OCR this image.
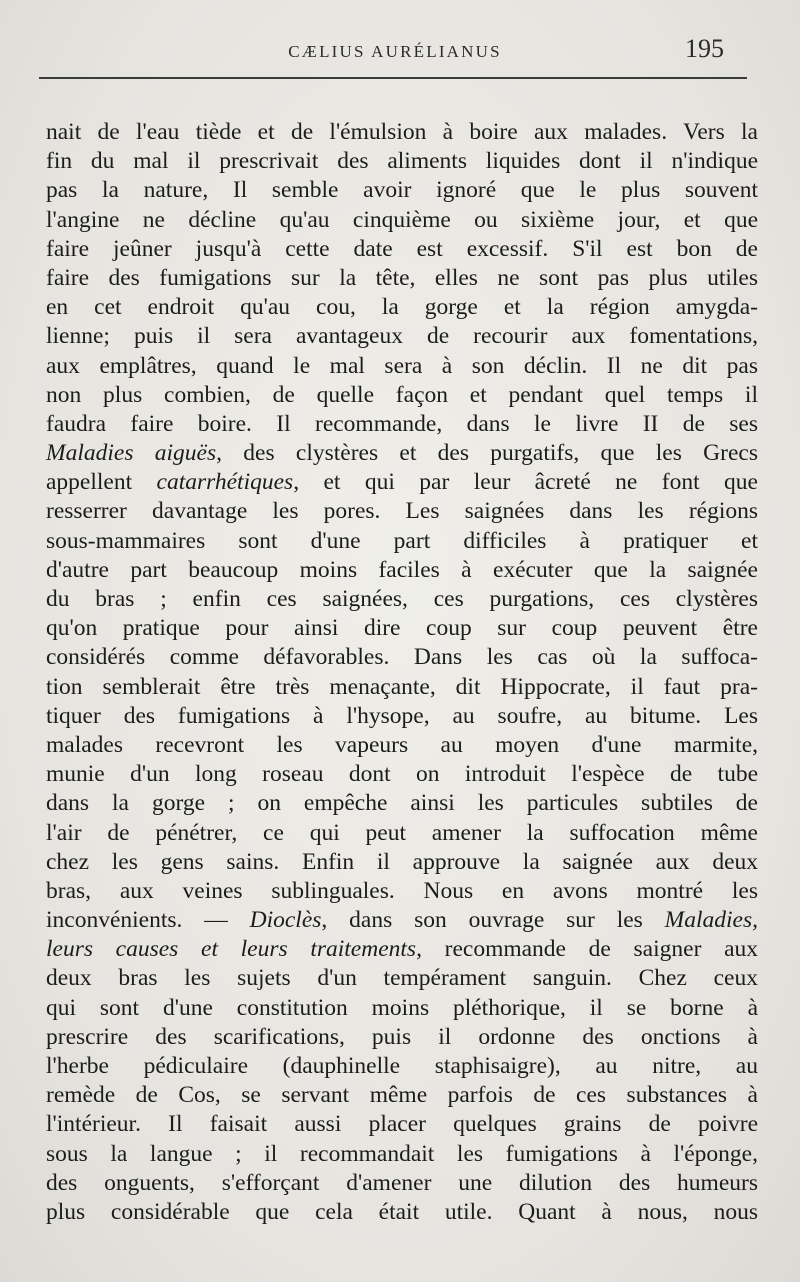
CÆLIUS AURÉLIANUS	195
nait de l'eau tiède et de l'émulsion à boire aux malades. Vers la
fin du mal il prescrivait des aliments liquides dont il n'indique
pas la nature, Il semble avoir ignoré que le plus souvent
l'angine ne décline qu'au cinquième ou sixième jour, et que
faire jeûner jusqu'à cette date est excessif. S'il est bon de
faire des fumigations sur la tête, elles ne sont pas plus utiles
en cet endroit qu'au cou, la gorge et la région amygda-
lienne; puis il sera avantageux de recourir aux fomentations,
aux emplâtres, quand le mal sera à son déclin. Il ne dit pas
non plus combien, de quelle façon et pendant quel temps il
faudra faire boire. Il recommande, dans le livre II de ses
Maladies aiguës, des clystères et des purgatifs, que les Grecs
appellent catarrhétiques, et qui par leur âcreté ne font que
resserrer davantage les pores. Les saignées dans les régions
sous-mammaires sont d'une part difficiles à pratiquer et
d'autre part beaucoup moins faciles à exécuter que la saignée
du bras ; enfin ces saignées, ces purgations, ces clystères
qu'on pratique pour ainsi dire coup sur coup peuvent être
considérés comme défavorables. Dans les cas où la suffoca-
tion semblerait être très menaçante, dit Hippocrate, il faut pra-
tiquer des fumigations à l'hysope, au soufre, au bitume. Les
malades recevront les vapeurs au moyen d'une marmite,
munie d'un long roseau dont on introduit l'espèce de tube
dans la gorge ; on empêche ainsi les particules subtiles de
l'air de pénétrer, ce qui peut amener la suffocation même
chez les gens sains. Enfin il approuve la saignée aux deux
bras, aux veines sublinguales. Nous en avons montré les
inconvénients. — Dioclès, dans son ouvrage sur les Maladies,
leurs causes et leurs traitements, recommande de saigner aux
deux bras les sujets d'un tempérament sanguin. Chez ceux
qui sont d'une constitution moins pléthorique, il se borne à
prescrire des scarifications, puis il ordonne des onctions à
l'herbe pédiculaire (dauphinelle staphisaigre), au nitre, au
remède de Cos, se servant même parfois de ces substances à
l'intérieur. Il faisait aussi placer quelques grains de poivre
sous la langue ; il recommandait les fumigations à l'éponge,
des onguents, s'efforçant d'amener une dilution des humeurs
plus considérable que cela était utile. Quant à nous, nous
